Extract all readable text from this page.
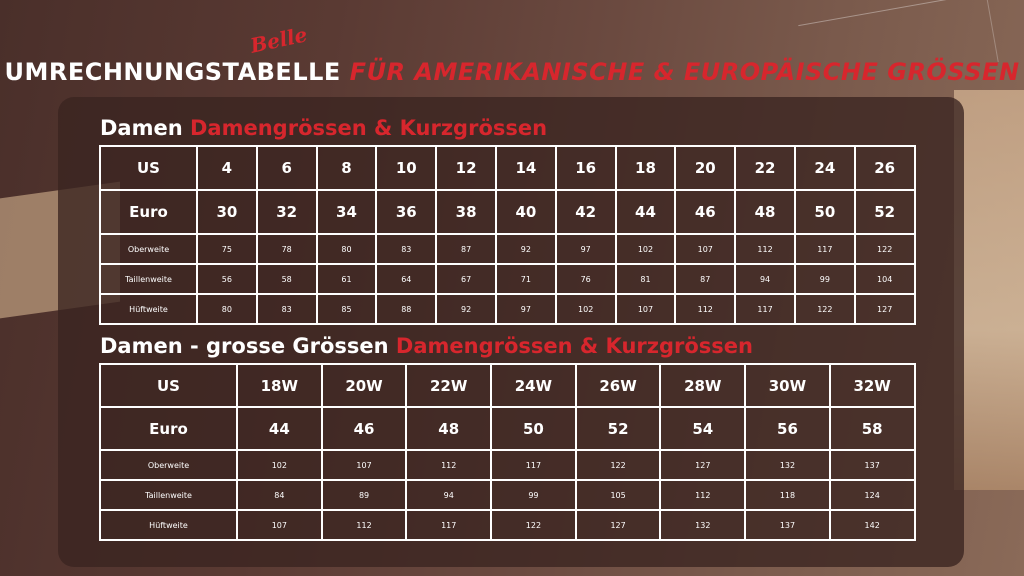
Belle
UMRECHNUNGSTABELLE FÜR AMERIKANISCHE & EUROPÄISCHE GRÖSSEN
Damen Damengrössen & Kurzgrössen
US	4	6	8	10	12	14	16	18	20	22	24	26
Euro	30	32	34	36	38	40	42	44	46	48	50	52
Oberweite	75	78	80	83	87	92	97	102	107	112	117	122
Taillenweite	56	58	61	64	67	71	76	81	87	94	99	104
Hüftweite	80	83	85	88	92	97	102	107	112	117	122	127
Damen - grosse Grössen Damengrössen & Kurzgrössen
US	18W	20W	22W	24W	26W	28W	30W	32W
Euro	44	46	48	50	52	54	56	58
Oberweite	102	107	112	117	122	127	132	137
Taillenweite	84	89	94	99	105	112	118	124
Hüftweite	107	112	117	122	127	132	137	142
